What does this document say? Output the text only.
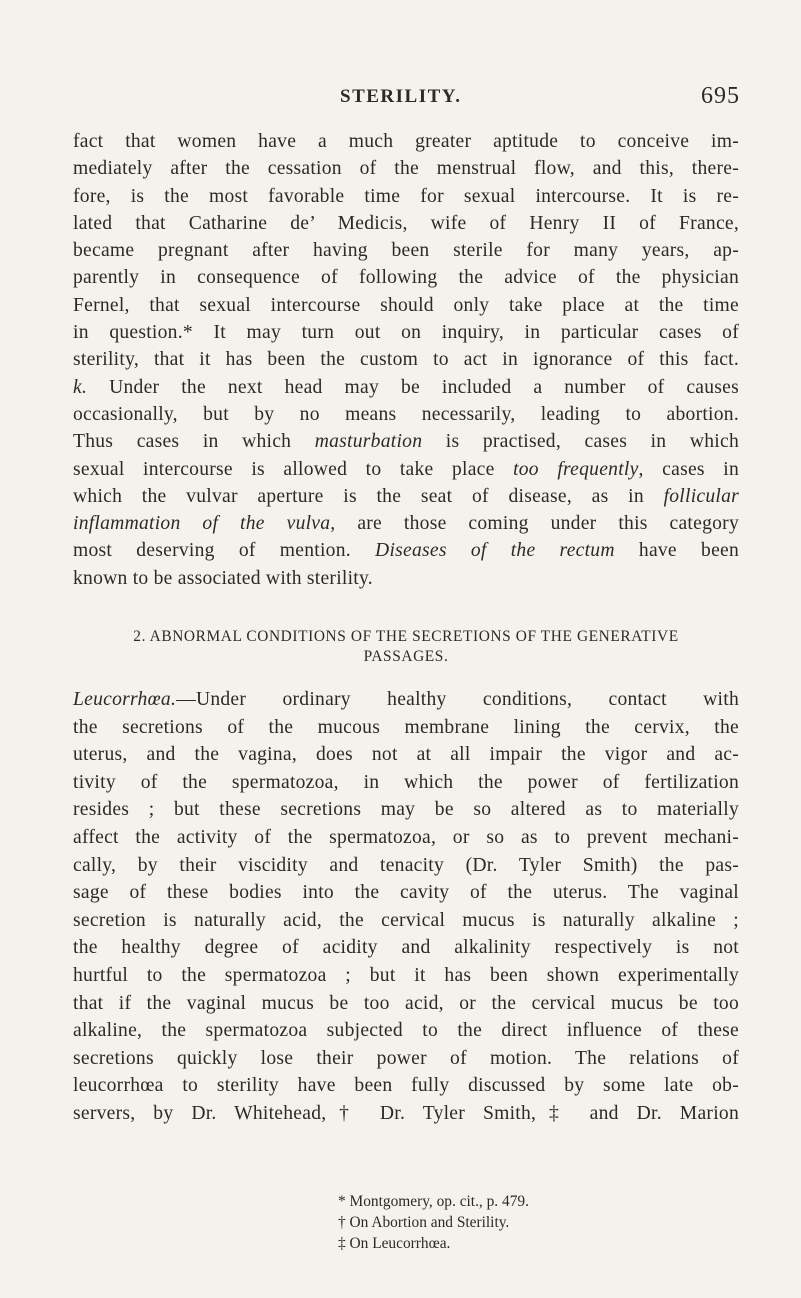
STERILITY.	695
fact that women have a much greater aptitude to conceive im-
mediately after the cessation of the menstrual flow, and this, there-
fore, is the most favorable time for sexual intercourse. It is re-
lated that Catharine de’ Medicis, wife of Henry II of France,
became pregnant after having been sterile for many years, ap-
parently in consequence of following the advice of the physician
Fernel, that sexual intercourse should only take place at the time
in question.* It may turn out on inquiry, in particular cases of
sterility, that it has been the custom to act in ignorance of this fact.
k. Under the next head may be included a number of causes
occasionally, but by no means necessarily, leading to abortion.
Thus cases in which masturbation is practised, cases in which
sexual intercourse is allowed to take place too frequently, cases in
which the vulvar aperture is the seat of disease, as in follicular
inflammation of the vulva, are those coming under this category
most deserving of mention. Diseases of the rectum have been
known to be associated with sterility.
2. ABNORMAL CONDITIONS OF THE SECRETIONS OF THE GENERATIVE
PASSAGES.
Leucorrhœa.—Under ordinary healthy conditions, contact with
the secretions of the mucous membrane lining the cervix, the
uterus, and the vagina, does not at all impair the vigor and ac-
tivity of the spermatozoa, in which the power of fertilization
resides ; but these secretions may be so altered as to materially
affect the activity of the spermatozoa, or so as to prevent mechani-
cally, by their viscidity and tenacity (Dr. Tyler Smith) the pas-
sage of these bodies into the cavity of the uterus. The vaginal
secretion is naturally acid, the cervical mucus is naturally alkaline ;
the healthy degree of acidity and alkalinity respectively is not
hurtful to the spermatozoa ; but it has been shown experimentally
that if the vaginal mucus be too acid, or the cervical mucus be too
alkaline, the spermatozoa subjected to the direct influence of these
secretions quickly lose their power of motion. The relations of
leucorrhœa to sterility have been fully discussed by some late ob-
servers, by Dr. Whitehead,† Dr. Tyler Smith,‡ and Dr. Marion
* Montgomery, op. cit., p. 479.
† On Abortion and Sterility.
‡ On Leucorrhœa.
